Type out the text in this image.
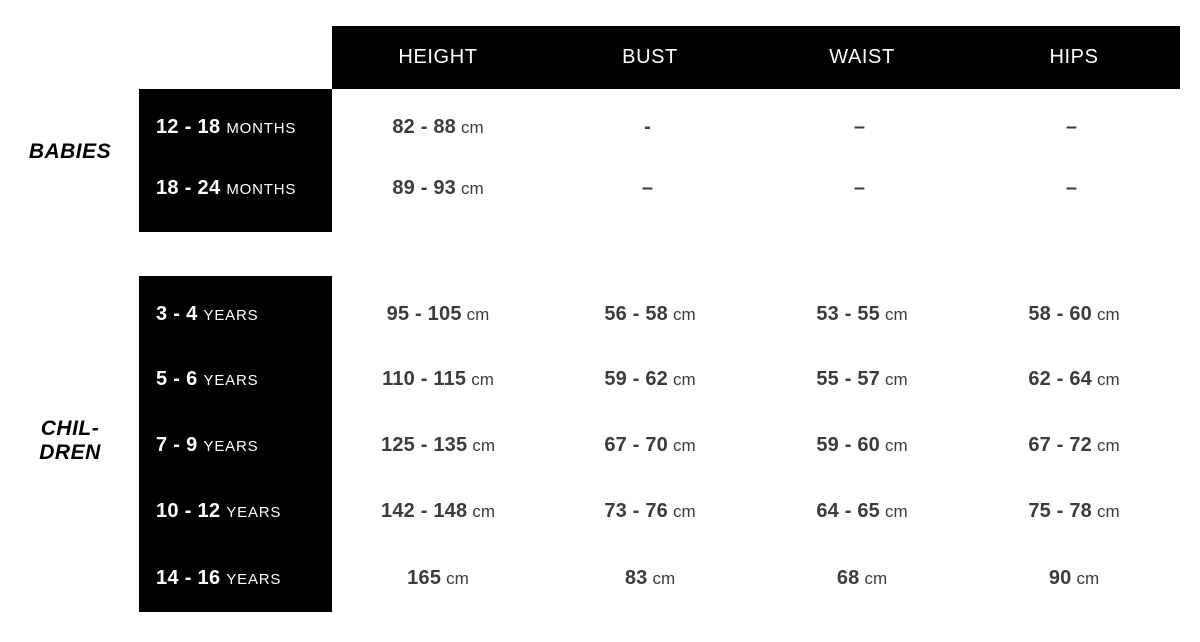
HEIGHT	BUST	WAIST	HIPS
BABIES
12 - 18 MONTHS	82 - 88 cm	-	–	–
18 - 24 MONTHS	89 - 93 cm	–	–	–
CHIL-
DREN
3 - 4 YEARS	95 - 105 cm	56 - 58 cm	53 - 55 cm	58 - 60 cm
5 - 6 YEARS	110 - 115 cm	59 - 62 cm	55 - 57 cm	62 - 64 cm
7 - 9 YEARS	125 - 135 cm	67 - 70 cm	59 - 60 cm	67 - 72 cm
10 - 12 YEARS	142 - 148 cm	73 - 76 cm	64 - 65 cm	75 - 78 cm
14 - 16 YEARS	165 cm	83 cm	68 cm	90 cm
